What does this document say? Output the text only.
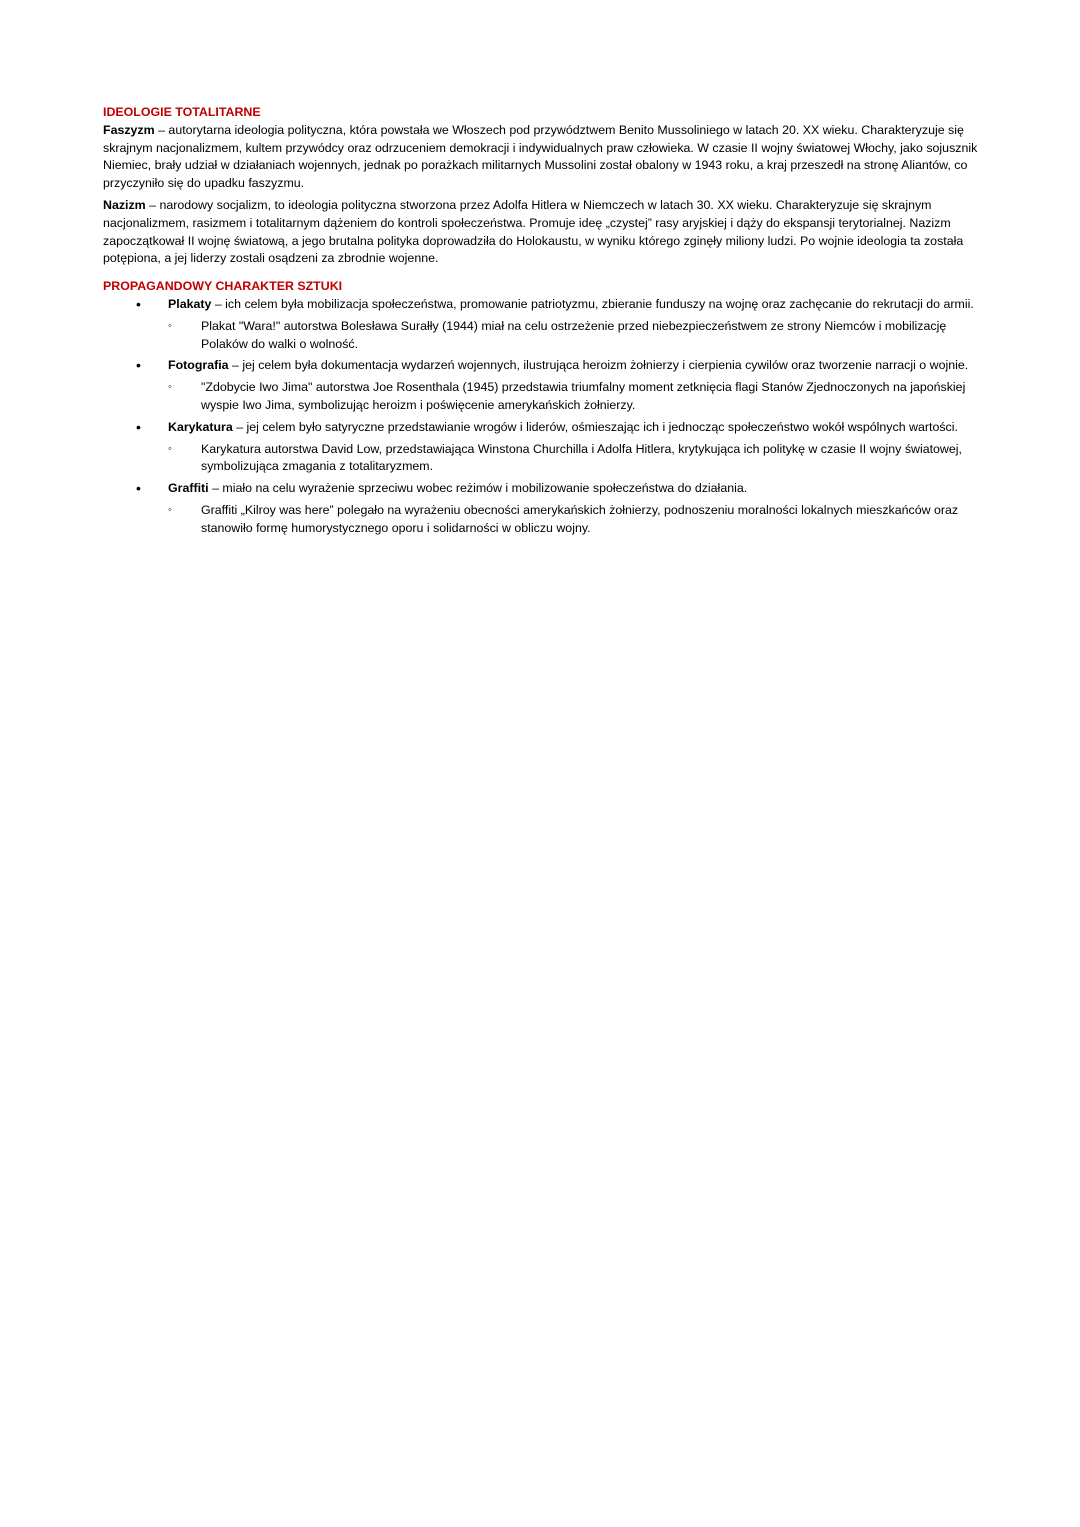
IDEOLOGIE TOTALITARNE

Faszyzm – autorytarna ideologia polityczna, która powstała we Włoszech pod przywództwem Benito Mussoliniego w latach 20. XX wieku. Charakteryzuje się skrajnym nacjonalizmem, kultem przywódcy oraz odrzuceniem demokracji i indywidualnych praw człowieka. W czasie II wojny światowej Włochy, jako sojusznik Niemiec, brały udział w działaniach wojennych, jednak po porażkach militarnych Mussolini został obalony w 1943 roku, a kraj przeszedł na stronę Aliantów, co przyczyniło się do upadku faszyzmu.

Nazizm – narodowy socjalizm, to ideologia polityczna stworzona przez Adolfa Hitlera w Niemczech w latach 30. XX wieku. Charakteryzuje się skrajnym nacjonalizmem, rasizmem i totalitarnym dążeniem do kontroli społeczeństwa. Promuje ideę „czystej” rasy aryjskiej i dąży do ekspansji terytorialnej. Nazizm zapoczątkował II wojnę światową, a jego brutalna polityka doprowadziła do Holokaustu, w wyniku którego zginęły miliony ludzi. Po wojnie ideologia ta została potępiona, a jej liderzy zostali osądzeni za zbrodnie wojenne.

PROPAGANDOWY CHARAKTER SZTUKI
• Plakaty – ich celem była mobilizacja społeczeństwa, promowanie patriotyzmu, zbieranie funduszy na wojnę oraz zachęcanie do rekrutacji do armii.
◦ Plakat "Wara!" autorstwa Bolesława Surałły (1944) miał na celu ostrzeżenie przed niebezpieczeństwem ze strony Niemców i mobilizację Polaków do walki o wolność.
• Fotografia – jej celem była dokumentacja wydarzeń wojennych, ilustrująca heroizm żołnierzy i cierpienia cywilów oraz tworzenie narracji o wojnie.
◦ "Zdobycie Iwo Jima" autorstwa Joe Rosenthala (1945) przedstawia triumfalny moment zetknięcia flagi Stanów Zjednoczonych na japońskiej wyspie Iwo Jima, symbolizując heroizm i poświęcenie amerykańskich żołnierzy.
• Karykatura – jej celem było satyryczne przedstawianie wrogów i liderów, ośmieszając ich i jednocząc społeczeństwo wokół wspólnych wartości.
◦ Karykatura autorstwa David Low, przedstawiająca Winstona Churchilla i Adolfa Hitlera, krytykująca ich politykę w czasie II wojny światowej, symbolizująca zmagania z totalitaryzmem.
• Graffiti – miało na celu wyrażenie sprzeciwu wobec reżimów i mobilizowanie społeczeństwa do działania.
◦ Graffiti „Kilroy was here” polegało na wyrażeniu obecności amerykańskich żołnierzy, podnoszeniu moralności lokalnych mieszkańców oraz stanowiło formę humorystycznego oporu i solidarności w obliczu wojny.
